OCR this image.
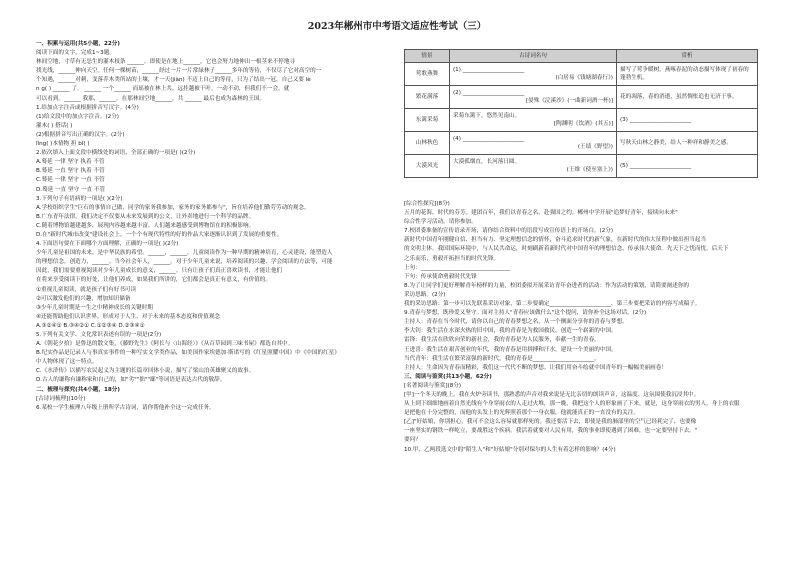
2023年郴州市中考语文适应性考试（三）
一、积累与运用(共5小题，22分)
阅读下面的文字，完成1~3题。
林间空地，寸草有无怂生的灌木枝条 ______。即使是在地上______，它也会努力地伸出一根茎来不停地寻
找光线，______伸向天空。任何一棵树苗，______经过一片一片常绿林子______多年的等待，不仅尽了它对高空的一
个知遇，______对刺，变落乔木类所站的土壤，才一天(jiàn) 不迈上自己的等待，只为了结出一冠，自己又要 lè
n g( ) ______ 了。 ______ 一个______ 而瑶被在林上共。远挂越被干叶。一动不动，但我们不一会，就
可以看到。______ 我那，______。在那林间空地______，共 ______ 最后也成为森林的王国。
1.给加点字注音或根据拼音写汉字。(4分)
(1)给文段中的加点字注音。(2分)
灌木( ) 搭话( )
(2)根据拼音写出正确的汉字。(2分)
lǐng( )本情物 担 bǐ( )
2.依次填入上面文段中横线处的词语，全部正确的一项是( )(2分)
A.蓦延 一律 坚守 执着 不管
B.蓦延 一直 坚守 执着 不管
C.蓦延 一律 坚守 一直 不管
D.蓦延 一直 坚守 一直 不管
3.下列句子有语病的一项是( )(2分)
A.学校组织学生"巨石的事情自己做，同学的家务我参加，家务的家务都参与"，旨在培养他们勤劳劳动的观念。
B.广东青年法律，我们决定不仅要从未来发展到的公文，让外卖地进行一个科学的品牌。
C.随着博物馆越建越多，展现内容越来越丰富，人们越来越感受到博物馆在的积极影响。
D.在"新时代城市改变"建设社会上，一个个有现代特性的好的作品大家逐渐认识到了发展的重要性。
4.下面语句要在下面哪个方面理解，正确的一项是( )(2分)
少年儿童是祖国的未来，是中华民族的希望。______，______，儿童阅读作为一种早期的精神培育，心灵建设，能塑造人
的理想信念，创造力，______。当今社会年人，______。对于少年儿童来说，培养阅读的兴趣、学会阅读的方法等，可能
因此，我们需要重视阅读对少年儿童成长的意义，______。只有让孩子们真正喜欢读书，才能让他们
在将来享受阅读下的好处，让他们养成，如果我们所讲的，它们都会是真正有意义，有价值的。
①重视儿童阅读，就是孩子们有好书可读
②可以激发他们的兴趣，增加知识储备
③少年儿童时期是一生之中精神成长的关键时期
④还能帮助他们认识世界，形成对于人生、对于未来的基本态度和价值观念
A.③②④① B.③④②① C.①②③④ D.②③④①
5.下列有关文学、文化常识表述有误的一项是(2分)
A.《朝花夕拾》是鲁迅的散文集，《藤野先生》《阿长与〈山海经〉》《从百草园到三味书屋》都选自其中。
B.纪实作品是记录人与事真实事件的一种写实文学类作品，如美国作家埃德加·斯诺写的《红星照耀中国》中《中国的红星》
中人物体现了这一特点。
C.《水浒传》以描写农民起义为主题的长篇章回体小说，描写了梁山泊英雄聚义的故事。
D.古人的谦称有谦称家和自己的，如"劣""拙""鄙"等词语是表达古代的敬辞。
二、梳理与探究(共4小题，18分)
[古诗词梳理](10分)
6.某校一学生梳理八年级上册所学古诗词，请你帮他补全这一完成任务。
情景	古诗词名句	赏析
莺歌燕舞	(1) ______________________
(白居易《钱塘湖春行》)	描写了莺争暖树，燕啄春泥的动态描写体现了初春的蓬勃生机。
繁花满落	(2) ______________________
[晏殊《浣溪沙》(一曲新词酒一杯)]	花的凋落，春的消逝，虽然惆怅追也无济于事。
东篱采菊	采菊东篱下，悠然见南山。
[陶渊明《饮酒》(其五)]	(3) ______________________
山林秋色	(4) ______________________
(王绩《野望》)	写秋天山林之静美，给人一种祥和静美之感。
大漠风光	大漠孤烟直，长河落日圆。
(王维《使至塞上》)	(5) ______________________
[综合性探究](8分)
五月的花海，时代的芬芳。建团百年，我们以青春之名，赴强国之约。郴州中学开展"追梦好青年，接续向未来"
综合性学习活动，请你参加。
7.校团委准备的宣传语录开场，请你结合资料中的语段写成宣传语上的开场白。(2分)
新时代中国青年刚健自信、担当有力、坚定理想信念的情怀，奋斗追求时代的新气象，在新时代的伟大征程中做出担当起当
的文明主体。我国国际环境中，与人民共命运，时刻刷新着新时代对中国青年的理想信念，传承伟大使命。先天下之忧而忧，后天下
之乐而乐，勇毅开拓担当的时代先锋。
上句：________________________________
下句：传承使命勇毅时代先锋
8.为了让同学们更好理解青年榜样的力量，校团委拟开展采访青年奋进者的活动：作为活动的策划，请简要阐述你的
采访思路。(2分)
我的采访思路：第一步可以先联系采访对象，第二步要确定______________________，第三步要把采访的内容写成稿子。
9.青春与梦想，既珍爱又坚守。面对主持人"青春应该做什么"这个提问，请你补全这场对话。(2分)
主持人：青春在当今时代，请你以自己的青春梦想之名，从一个侧面分享你的青春与梦想。
李大钊：我生活在水深火热的旧中国，我的青春是为救国救民，创造一个崭新的中国。
雷锋：我生活在欣欣向荣的新社会，我的青春是为人民服务，奉献一生的青春。
王进喜：我生活在艰苦创业的年代，我的青春是用拼搏和汗水，建设一个美丽的中国。
当代青年：我生活在繁荣富强的新时代，我的青春是______________________。
主持人：生命因为青春而精彩，我们这一代代不断的梦想。让我们用奋斗绘就中国青年的一幅幅美丽画卷！
三、阅读与鉴赏(共13小题，62分)
[名著阅读与鉴赏](8分)
[甲]一个冬天的晚上，我在火炉旁读书，那熟悉的声音对我来说是无比亲切的朗读声音，这温度、这氛围使我沉浸其中。
从上到下细细地画着自然光线有个身穿雨衣的人走过火堆，那一晚，我把这个人的形象画了下来，就是，这身穿雨衣的男人，身上的衣服
是把他在十分完整的，而他的头发上的光辉照着那个一身衣服，他就能真正的一直没有的关注。
[乙]"好姑娘，你别担心，我可不会这么容易就那样死的。我还要活下去，即使是我的肺部里的空气已经耗完了，也要像
一座坚实的钢铁一样屹立，要战胜这个疾病。我活着就要对人民有用，我的事业即使遇到了困难，也一定要坚持下去。"
要问？
10.甲、乙两段选文中的"陌生人"和"好姑娘"分别对保尔的人生有着怎样的影响？(4分)
